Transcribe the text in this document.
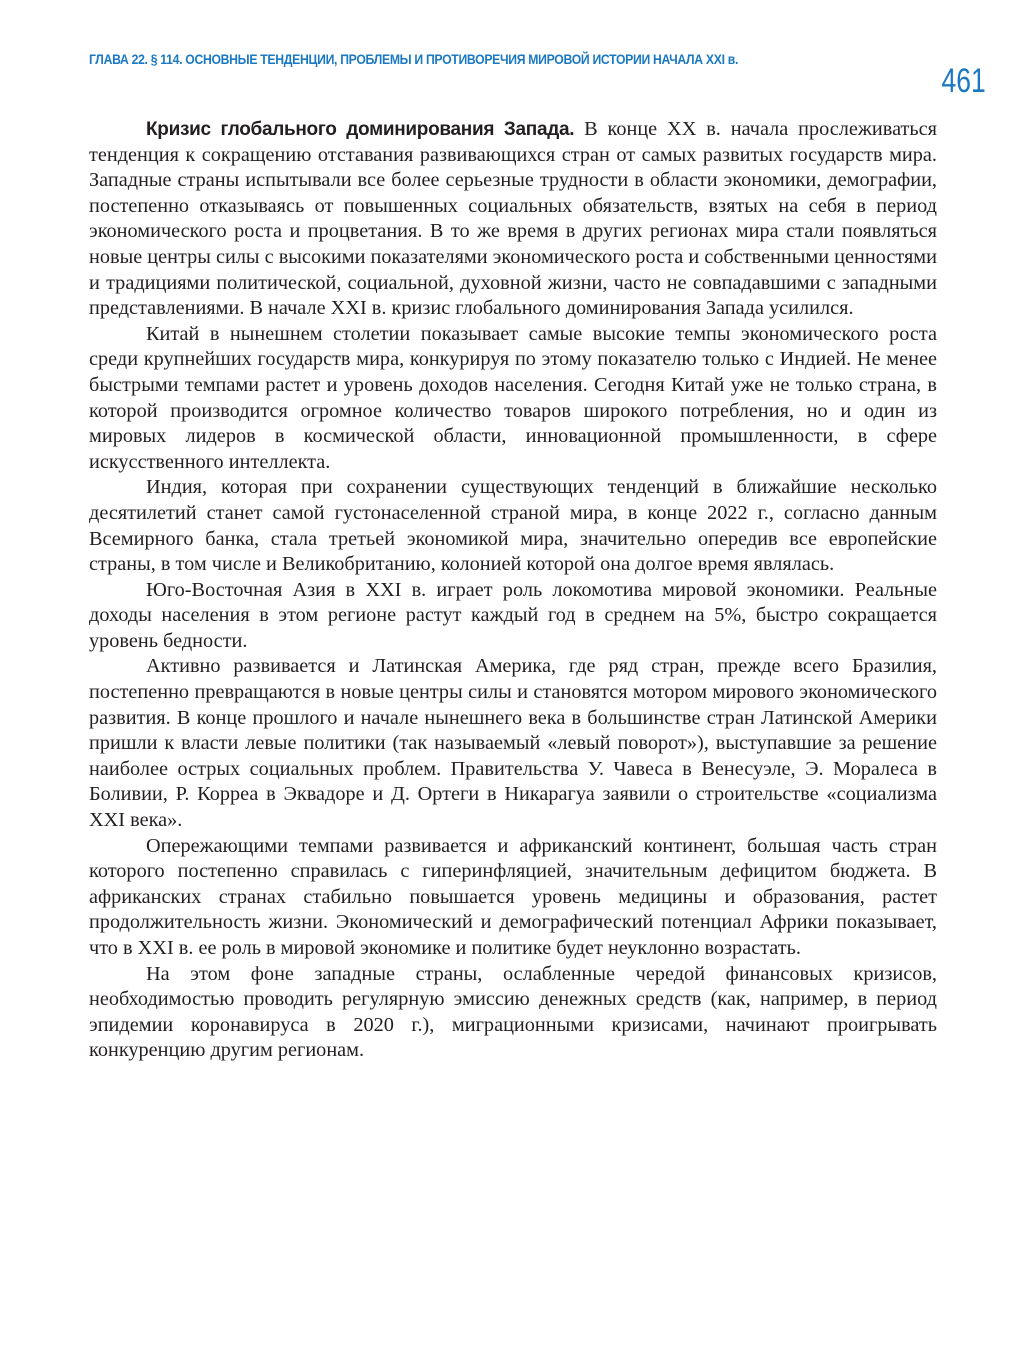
ГЛАВА 22. § 114. ОСНОВНЫЕ ТЕНДЕНЦИИ, ПРОБЛЕМЫ И ПРОТИВОРЕЧИЯ МИРОВОЙ ИСТОРИИ НАЧАЛА XXI в.
461

Кризис глобального доминирования Запада. В конце XX в. начала прослеживаться тенденция к сокращению отставания развивающихся стран от самых развитых государств мира. Западные страны испытывали все более серьезные трудности в области экономики, демографии, постепенно отказываясь от повышенных социальных обязательств, взятых на себя в период экономического роста и процветания. В то же время в других регионах мира стали появляться новые центры силы с высокими показателями экономического роста и собственными ценностями и традициями политической, социальной, духовной жизни, часто не совпадавшими с западными представлениями. В начале XXI в. кризис глобального доминирования Запада усилился.

Китай в нынешнем столетии показывает самые высокие темпы экономического роста среди крупнейших государств мира, конкурируя по этому показателю только с Индией. Не менее быстрыми темпами растет и уровень доходов населения. Сегодня Китай уже не только страна, в которой производится огромное количество товаров широкого потребления, но и один из мировых лидеров в космической области, инновационной промышленности, в сфере искусственного интеллекта.

Индия, которая при сохранении существующих тенденций в ближайшие несколько десятилетий станет самой густонаселенной страной мира, в конце 2022 г., согласно данным Всемирного банка, стала третьей экономикой мира, значительно опередив все европейские страны, в том числе и Великобританию, колонией которой она долгое время являлась.

Юго-Восточная Азия в XXI в. играет роль локомотива мировой экономики. Реальные доходы населения в этом регионе растут каждый год в среднем на 5%, быстро сокращается уровень бедности.

Активно развивается и Латинская Америка, где ряд стран, прежде всего Бразилия, постепенно превращаются в новые центры силы и становятся мотором мирового экономического развития. В конце прошлого и начале нынешнего века в большинстве стран Латинской Америки пришли к власти левые политики (так называемый «левый поворот»), выступавшие за решение наиболее острых социальных проблем. Правительства У. Чавеса в Венесуэле, Э. Моралеса в Боливии, Р. Корреа в Эквадоре и Д. Ортеги в Никарагуа заявили о строительстве «социализма XXI века».

Опережающими темпами развивается и африканский континент, большая часть стран которого постепенно справилась с гиперинфляцией, значительным дефицитом бюджета. В африканских странах стабильно повышается уровень медицины и образования, растет продолжительность жизни. Экономический и демографический потенциал Африки показывает, что в XXI в. ее роль в мировой экономике и политике будет неуклонно возрастать.

На этом фоне западные страны, ослабленные чередой финансовых кризисов, необходимостью проводить регулярную эмиссию денежных средств (как, например, в период эпидемии коронавируса в 2020 г.), миграционными кризисами, начинают проигрывать конкуренцию другим регионам.
